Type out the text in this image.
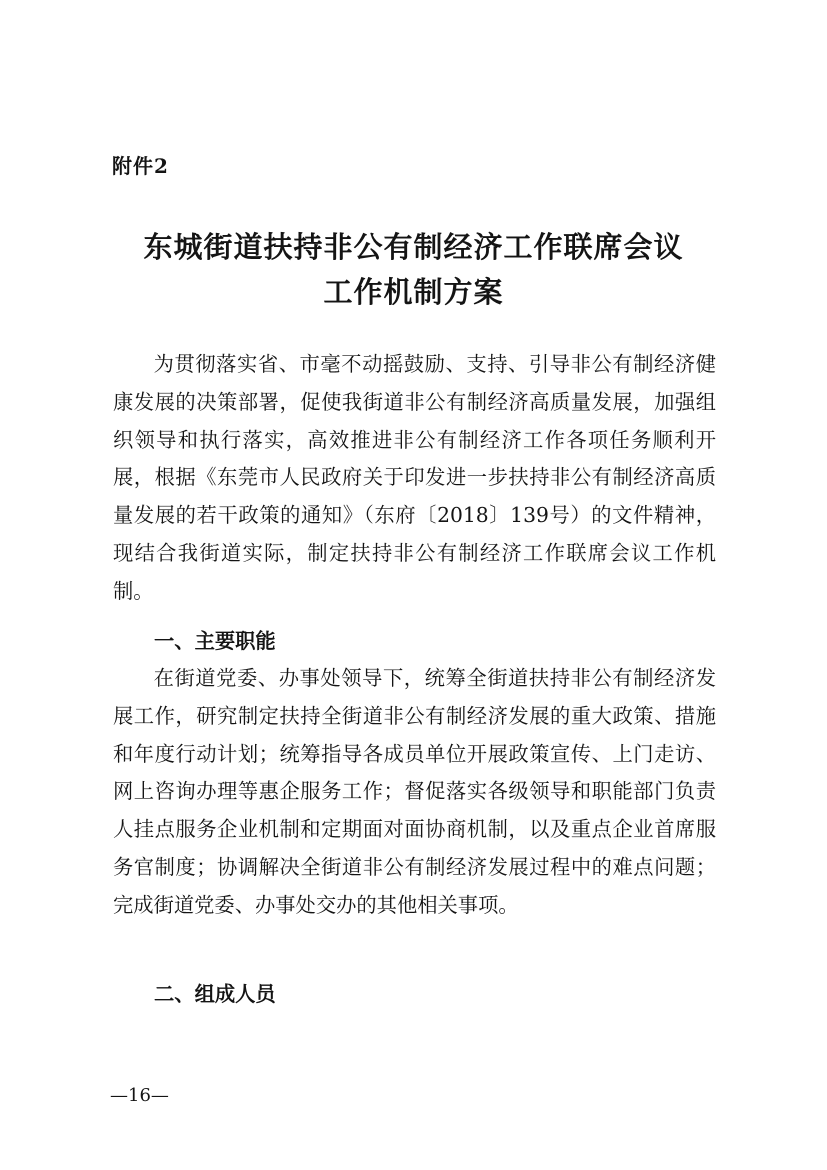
附件2
东城街道扶持非公有制经济工作联席会议
工作机制方案

为贯彻落实省、市毫不动摇鼓励、支持、引导非公有制经济健康发展的决策部署，促使我街道非公有制经济高质量发展，加强组织领导和执行落实，高效推进非公有制经济工作各项任务顺利开展，根据《东莞市人民政府关于印发进一步扶持非公有制经济高质量发展的若干政策的通知》（东府〔2018〕139号）的文件精神，现结合我街道实际，制定扶持非公有制经济工作联席会议工作机制。

一、主要职能

在街道党委、办事处领导下，统筹全街道扶持非公有制经济发展工作，研究制定扶持全街道非公有制经济发展的重大政策、措施和年度行动计划；统筹指导各成员单位开展政策宣传、上门走访、网上咨询办理等惠企服务工作；督促落实各级领导和职能部门负责人挂点服务企业机制和定期面对面协商机制，以及重点企业首席服务官制度；协调解决全街道非公有制经济发展过程中的难点问题；完成街道党委、办事处交办的其他相关事项。

二、组成人员
—16—
